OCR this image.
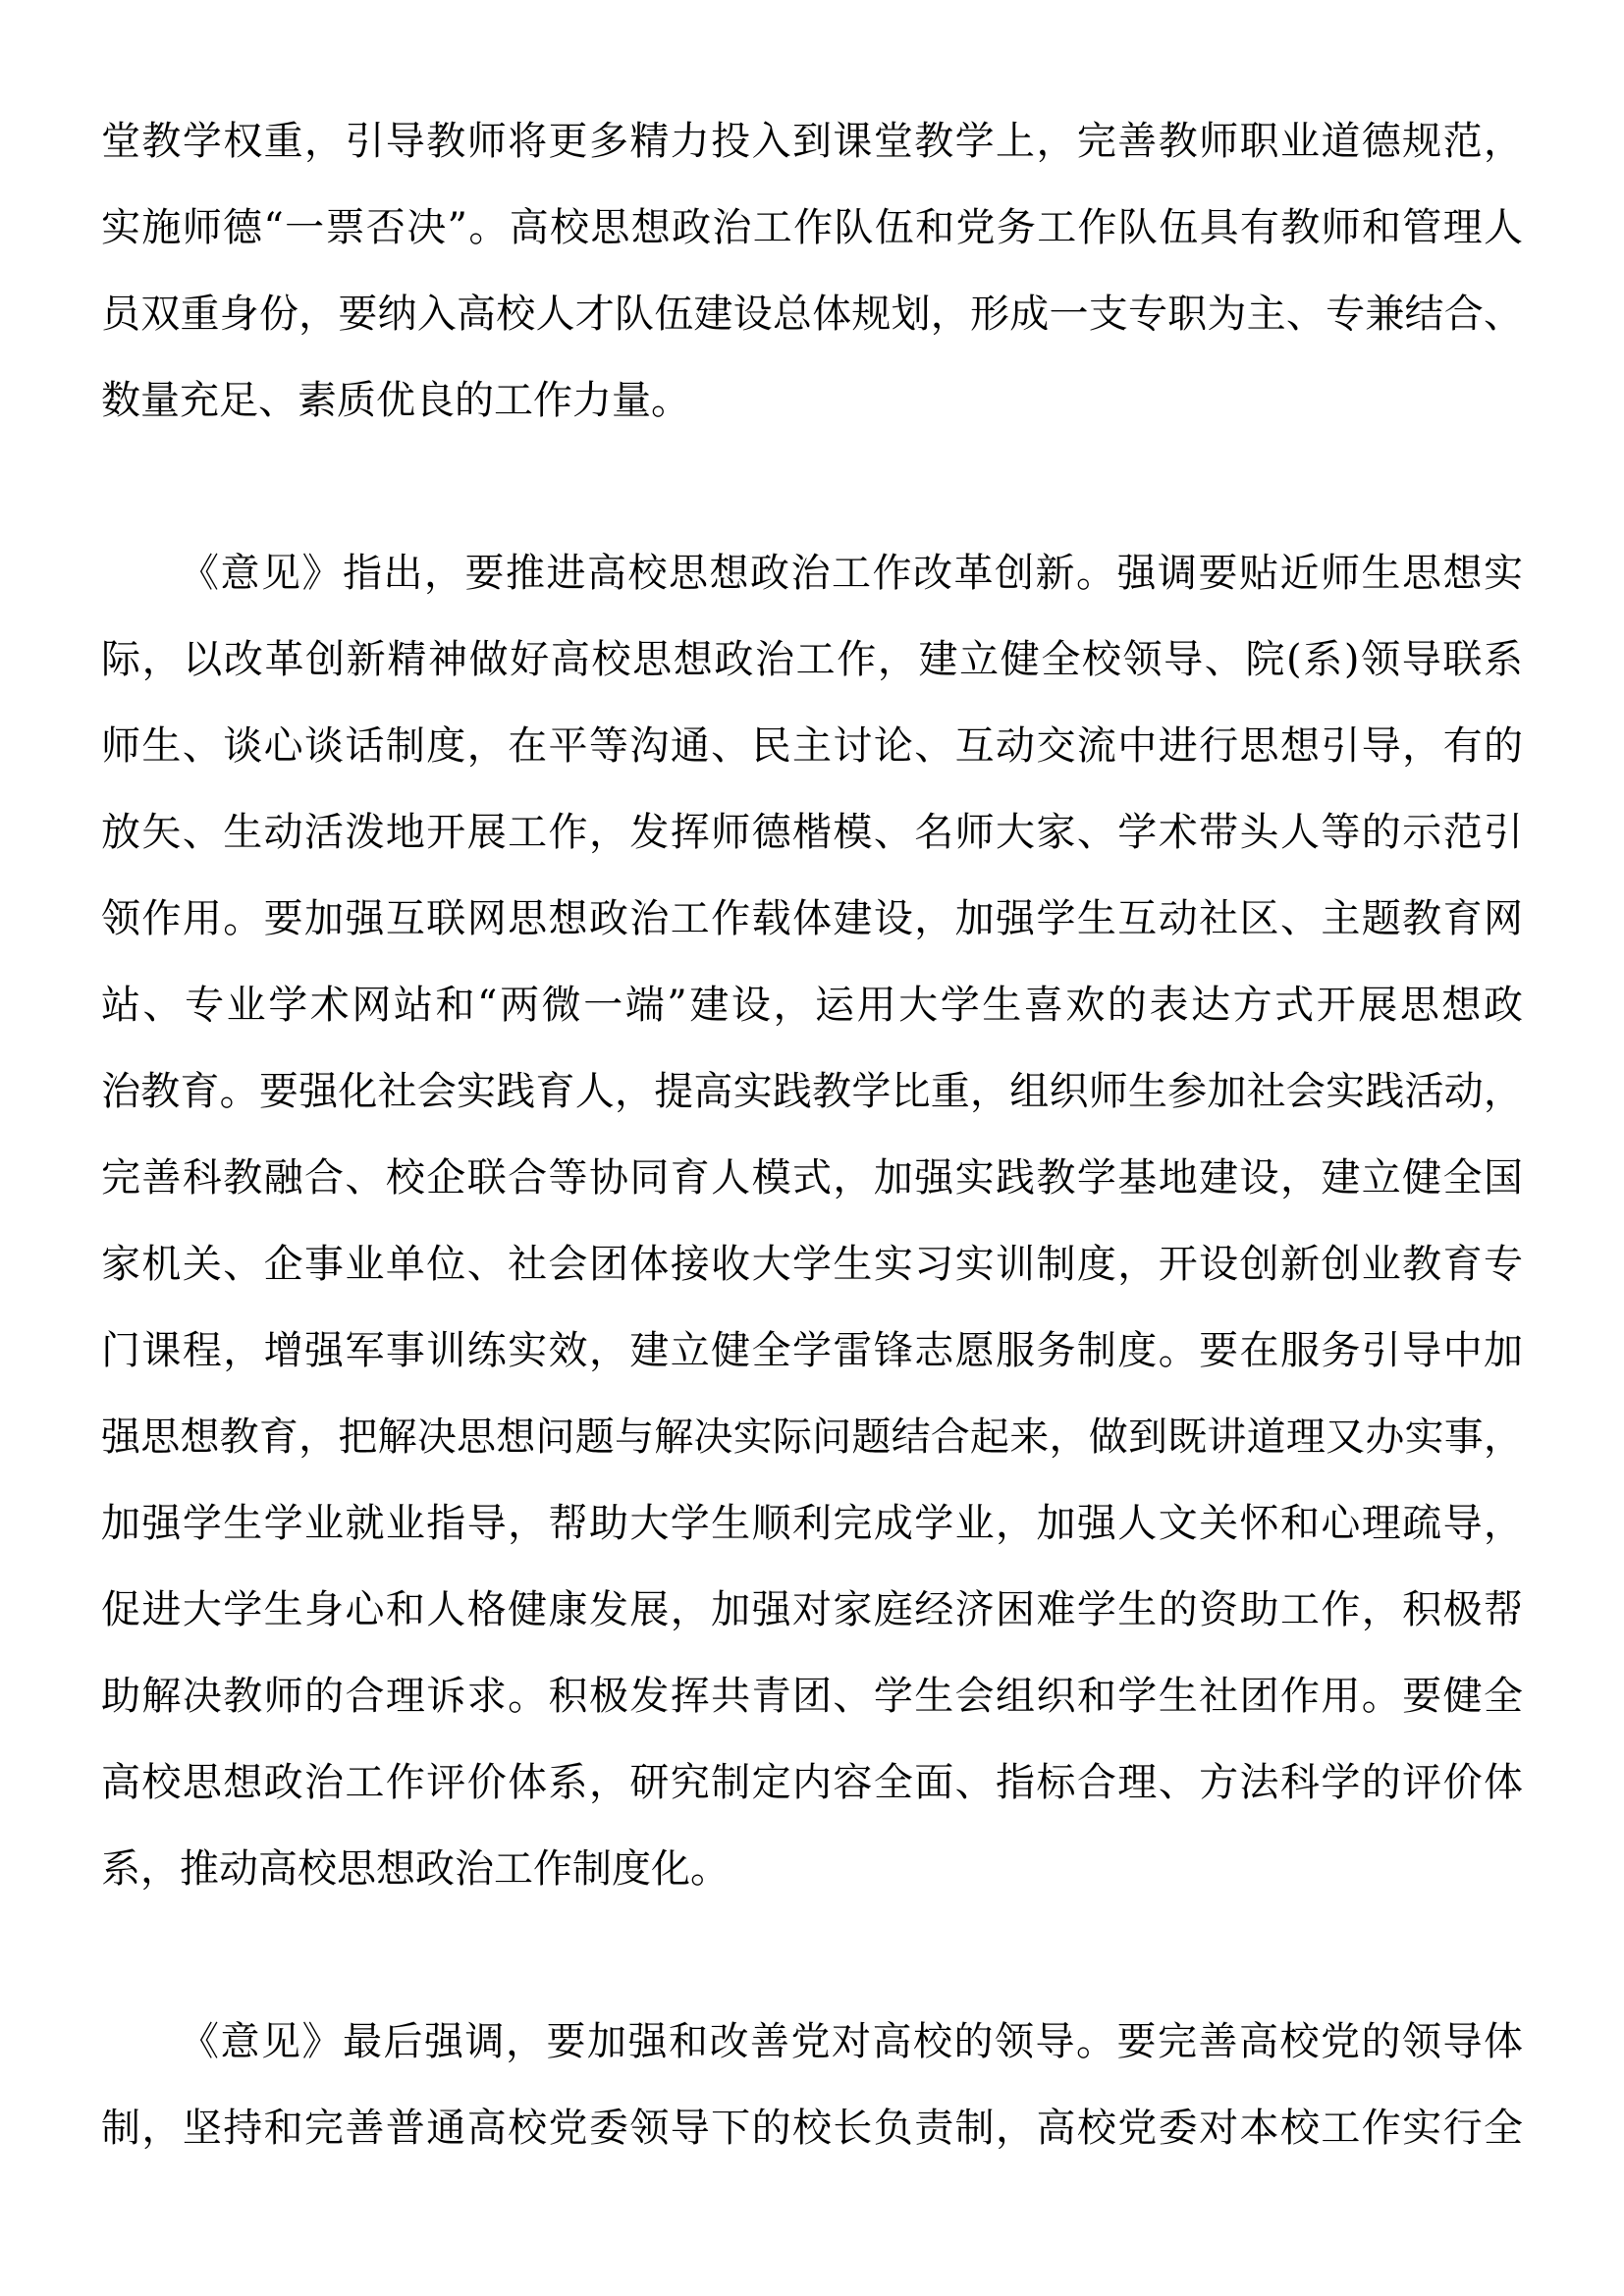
堂教学权重，引导教师将更多精力投入到课堂教学上，完善教师职业道德规范，
实施师德“一票否决”。高校思想政治工作队伍和党务工作队伍具有教师和管理人
员双重身份，要纳入高校人才队伍建设总体规划，形成一支专职为主、专兼结合、
数量充足、素质优良的工作力量。
《意见》指出，要推进高校思想政治工作改革创新。强调要贴近师生思想实
际，以改革创新精神做好高校思想政治工作，建立健全校领导、院(系)领导联系
师生、谈心谈话制度，在平等沟通、民主讨论、互动交流中进行思想引导，有的
放矢、生动活泼地开展工作，发挥师德楷模、名师大家、学术带头人等的示范引
领作用。要加强互联网思想政治工作载体建设，加强学生互动社区、主题教育网
站、专业学术网站和“两微一端”建设，运用大学生喜欢的表达方式开展思想政
治教育。要强化社会实践育人，提高实践教学比重，组织师生参加社会实践活动，
完善科教融合、校企联合等协同育人模式，加强实践教学基地建设，建立健全国
家机关、企事业单位、社会团体接收大学生实习实训制度，开设创新创业教育专
门课程，增强军事训练实效，建立健全学雷锋志愿服务制度。要在服务引导中加
强思想教育，把解决思想问题与解决实际问题结合起来，做到既讲道理又办实事，
加强学生学业就业指导，帮助大学生顺利完成学业，加强人文关怀和心理疏导，
促进大学生身心和人格健康发展，加强对家庭经济困难学生的资助工作，积极帮
助解决教师的合理诉求。积极发挥共青团、学生会组织和学生社团作用。要健全
高校思想政治工作评价体系，研究制定内容全面、指标合理、方法科学的评价体
系，推动高校思想政治工作制度化。
《意见》最后强调，要加强和改善党对高校的领导。要完善高校党的领导体
制，坚持和完善普通高校党委领导下的校长负责制，高校党委对本校工作实行全
